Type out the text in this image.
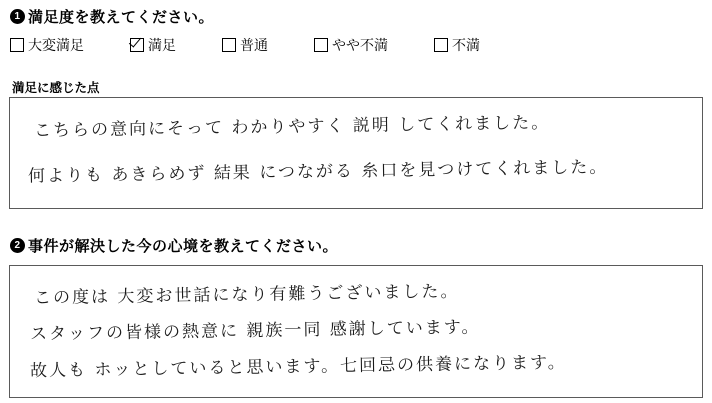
1 満足度を教えてください。
大変満足	満足	普通	やや不満	不満
満足に感じた点
こちらの意向にそって わかりやすく 説明 してくれました。
何よりも あきらめず 結果 につながる 糸口を見つけてくれました。
2 事件が解決した今の心境を教えてください。
この度は 大変お世話になり有難うございました。
スタッフの皆様の熱意に 親族一同 感謝しています。
故人も ホッとしていると思います。七回忌の供養になります。
